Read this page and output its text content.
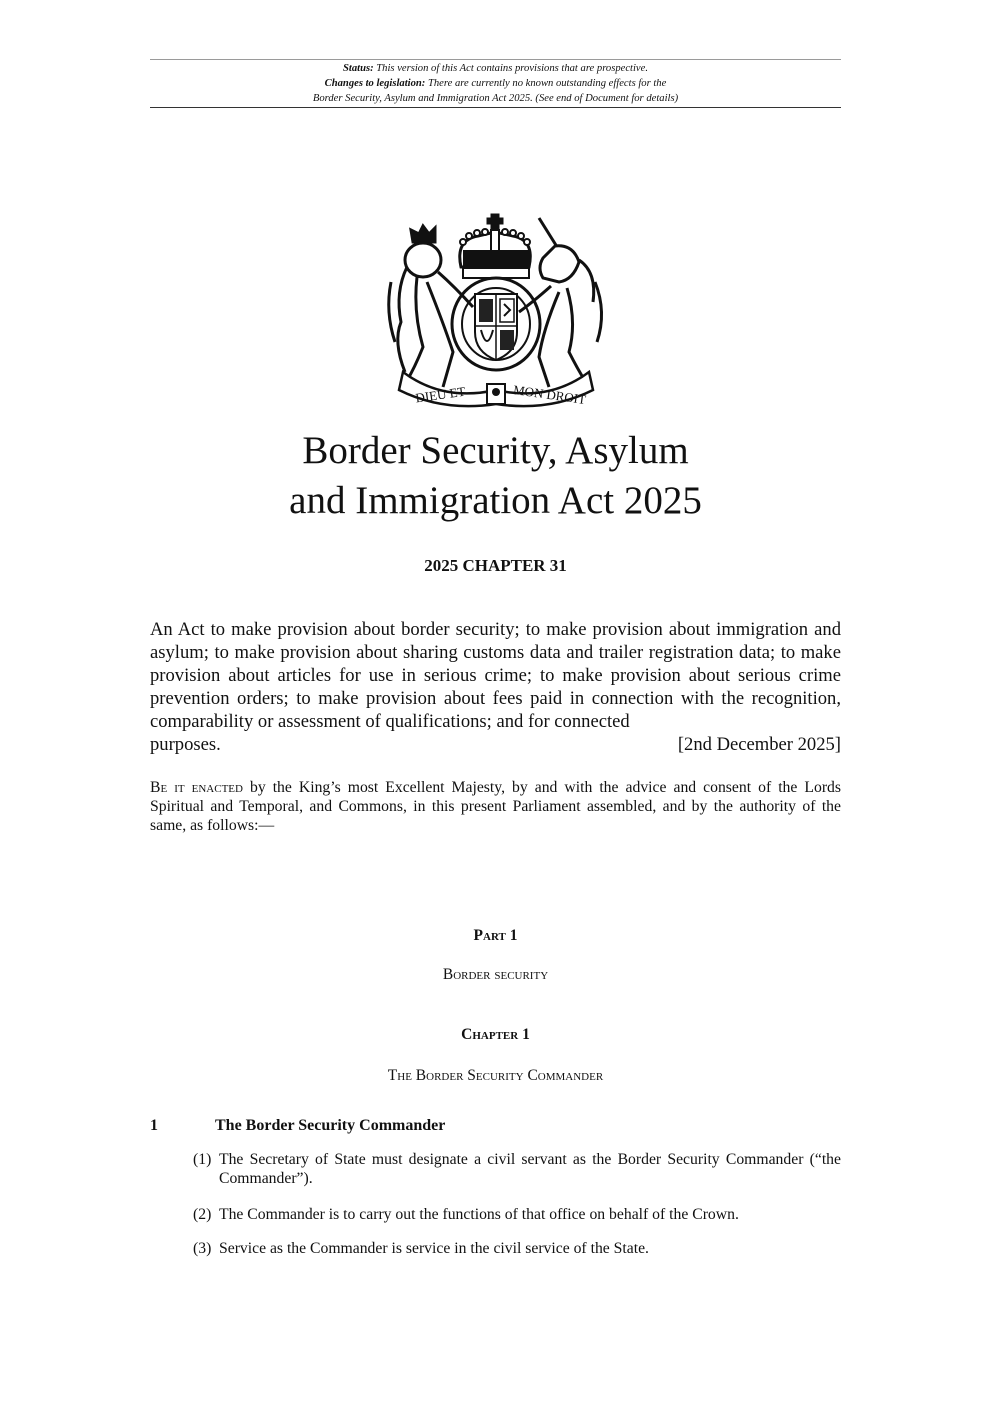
Status: This version of this Act contains provisions that are prospective.
Changes to legislation: There are currently no known outstanding effects for the
Border Security, Asylum and Immigration Act 2025. (See end of Document for details)
DIEU ET	MON DROIT
Border Security, Asylum
and Immigration Act 2025
2025 CHAPTER 31
An Act to make provision about border security; to make provision about immigration and asylum; to make provision about sharing customs data and trailer registration data; to make provision about articles for use in serious crime; to make provision about serious crime prevention orders; to make provision about fees paid in connection with the recognition, comparability or assessment of qualifications; and for connected
purposes.	[2nd December 2025]
Be it enacted by the King’s most Excellent Majesty, by and with the advice and consent of the Lords Spiritual and Temporal, and Commons, in this present Parliament assembled, and by the authority of the same, as follows:—
Part 1
Border security
Chapter 1
The Border Security Commander
1	The Border Security Commander
(1) The Secretary of State must designate a civil servant as the Border Security Commander (“the Commander”).
(2) The Commander is to carry out the functions of that office on behalf of the Crown.
(3) Service as the Commander is service in the civil service of the State.
